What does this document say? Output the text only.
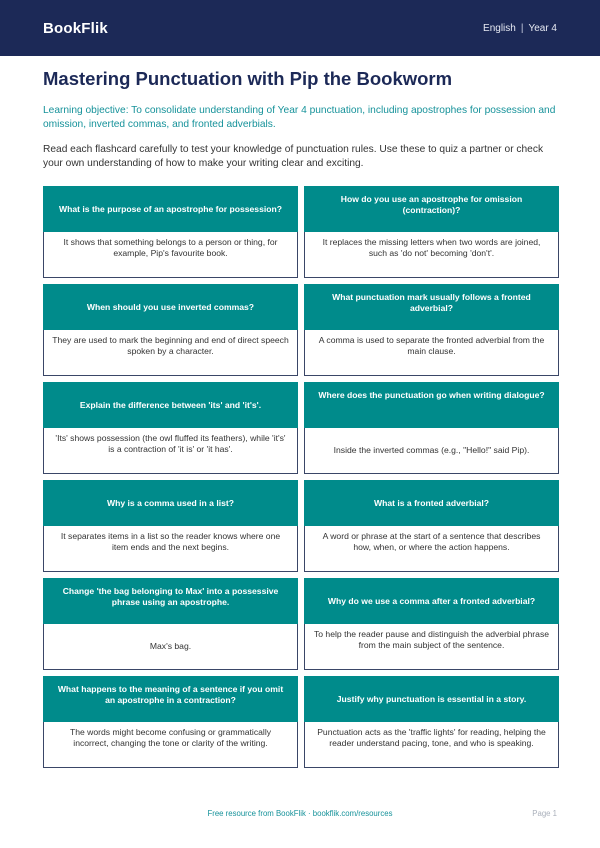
BookFlik	English | Year 4
Mastering Punctuation with Pip the Bookworm
Learning objective: To consolidate understanding of Year 4 punctuation, including apostrophes for possession and omission, inverted commas, and fronted adverbials.
Read each flashcard carefully to test your knowledge of punctuation rules. Use these to quiz a partner or check your own understanding of how to make your writing clear and exciting.
What is the purpose of an apostrophe for possession?
It shows that something belongs to a person or thing, for example, Pip's favourite book.
How do you use an apostrophe for omission (contraction)?
It replaces the missing letters when two words are joined, such as 'do not' becoming 'don't'.
When should you use inverted commas?
They are used to mark the beginning and end of direct speech spoken by a character.
What punctuation mark usually follows a fronted adverbial?
A comma is used to separate the fronted adverbial from the main clause.
Explain the difference between 'its' and 'it's'.
'Its' shows possession (the owl fluffed its feathers), while 'it's' is a contraction of 'it is' or 'it has'.
Where does the punctuation go when writing dialogue?
Inside the inverted commas (e.g., "Hello!" said Pip).
Why is a comma used in a list?
It separates items in a list so the reader knows where one item ends and the next begins.
What is a fronted adverbial?
A word or phrase at the start of a sentence that describes how, when, or where the action happens.
Change 'the bag belonging to Max' into a possessive phrase using an apostrophe.
Max's bag.
Why do we use a comma after a fronted adverbial?
To help the reader pause and distinguish the adverbial phrase from the main subject of the sentence.
What happens to the meaning of a sentence if you omit an apostrophe in a contraction?
The words might become confusing or grammatically incorrect, changing the tone or clarity of the writing.
Justify why punctuation is essential in a story.
Punctuation acts as the 'traffic lights' for reading, helping the reader understand pacing, tone, and who is speaking.
Free resource from BookFlik · bookflik.com/resources	Page 1
